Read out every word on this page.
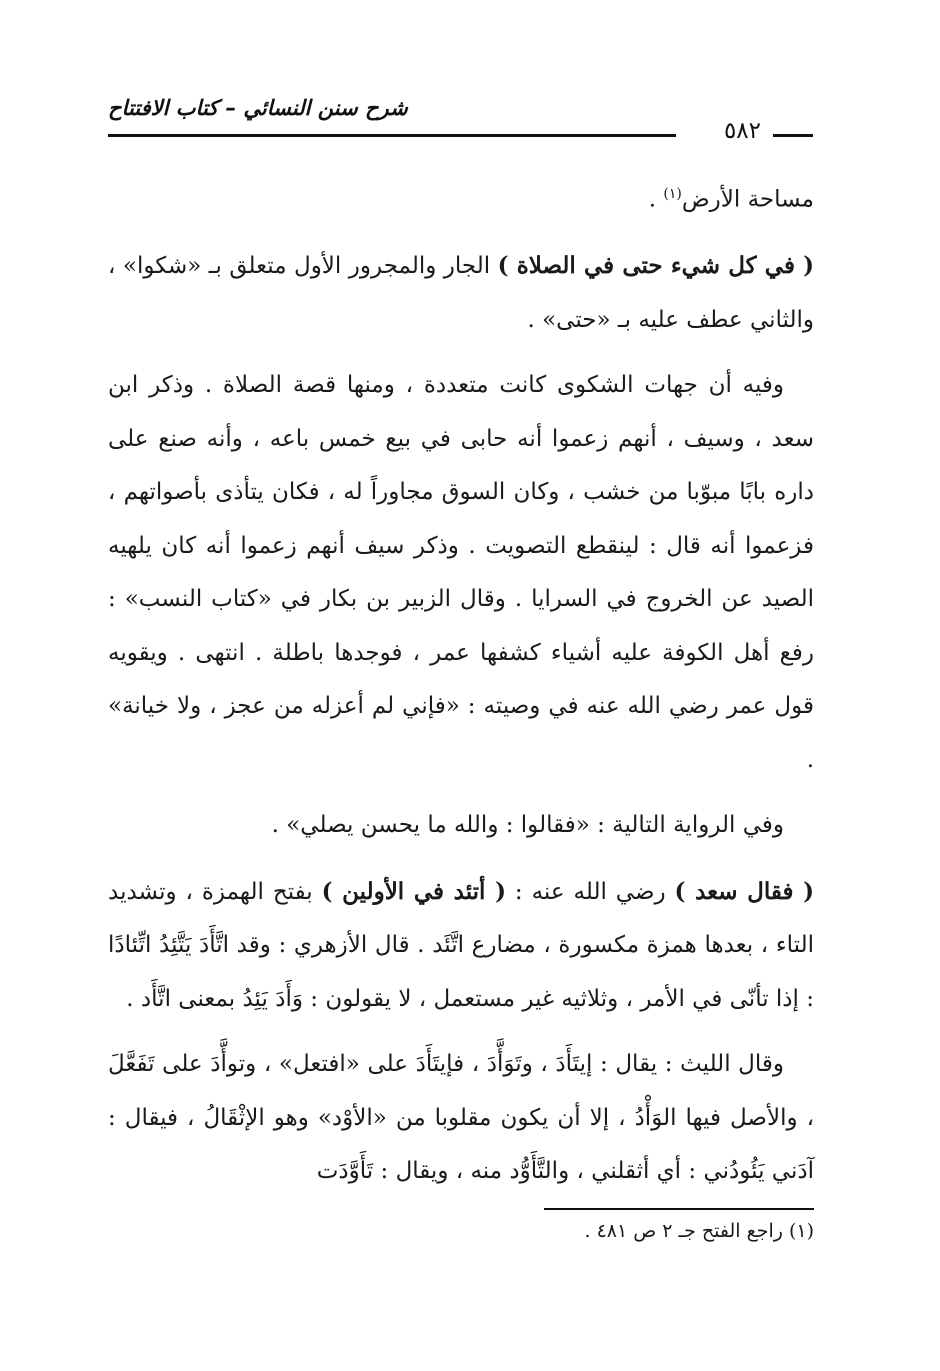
شرح سنن النسائي – كتاب الافتتاح
٥٨٢

مساحة الأرض$^{(١)}$ .

( في كل شيء حتى في الصلاة ) الجار والمجرور الأول متعلق بـ «شكوا» ، والثاني عطف عليه بـ «حتى» .

وفيه أن جهات الشكوى كانت متعددة ، ومنها قصة الصلاة . وذكر ابن سعد ، وسيف ، أنهم زعموا أنه حابى في بيع خمس باعه ، وأنه صنع على داره بابًا مبوّبا من خشب ، وكان السوق مجاوراً له ، فكان يتأذى بأصواتهم ، فزعموا أنه قال : لينقطع التصويت . وذكر سيف أنهم زعموا أنه كان يلهيه الصيد عن الخروج في السرايا . وقال الزبير بن بكار في «كتاب النسب» : رفع أهل الكوفة عليه أشياء كشفها عمر ، فوجدها باطلة . انتهى . ويقويه قول عمر رضي الله عنه في وصيته : «فإني لم أعزله من عجز ، ولا خيانة» .

وفي الرواية التالية : «فقالوا : والله ما يحسن يصلي» .

( فقال سعد ) رضي الله عنه : ( أتئد في الأولين ) بفتح الهمزة ، وتشديد التاء ، بعدها همزة مكسورة ، مضارع اتَّئَد . قال الأزهري : وقد اتَّأَدَ يَتَّئِدُ اتِّئادًا : إذا تأنّى في الأمر ، وثلاثيه غير مستعمل ، لا يقولون : وَأَدَ يَئِدُ بمعنى اتَّأَد .

وقال الليث : يقال : إيتَأَدَ ، وتَوَأَّدَ ، فإيتَأَدَ على «افتعل» ، وتوأَّدَ على تَفَعَّلَ ، والأصل فيها الوَأْدُ ، إلا أن يكون مقلوبا من «الأوْد» وهو الإثْقَالُ ، فيقال : آدَني يَئُودُني : أي أثقلني ، والتَّأَوُّد منه ، ويقال : تَأَوَّدَت

(١) راجع الفتح جـ ٢ ص ٤٨١ .
